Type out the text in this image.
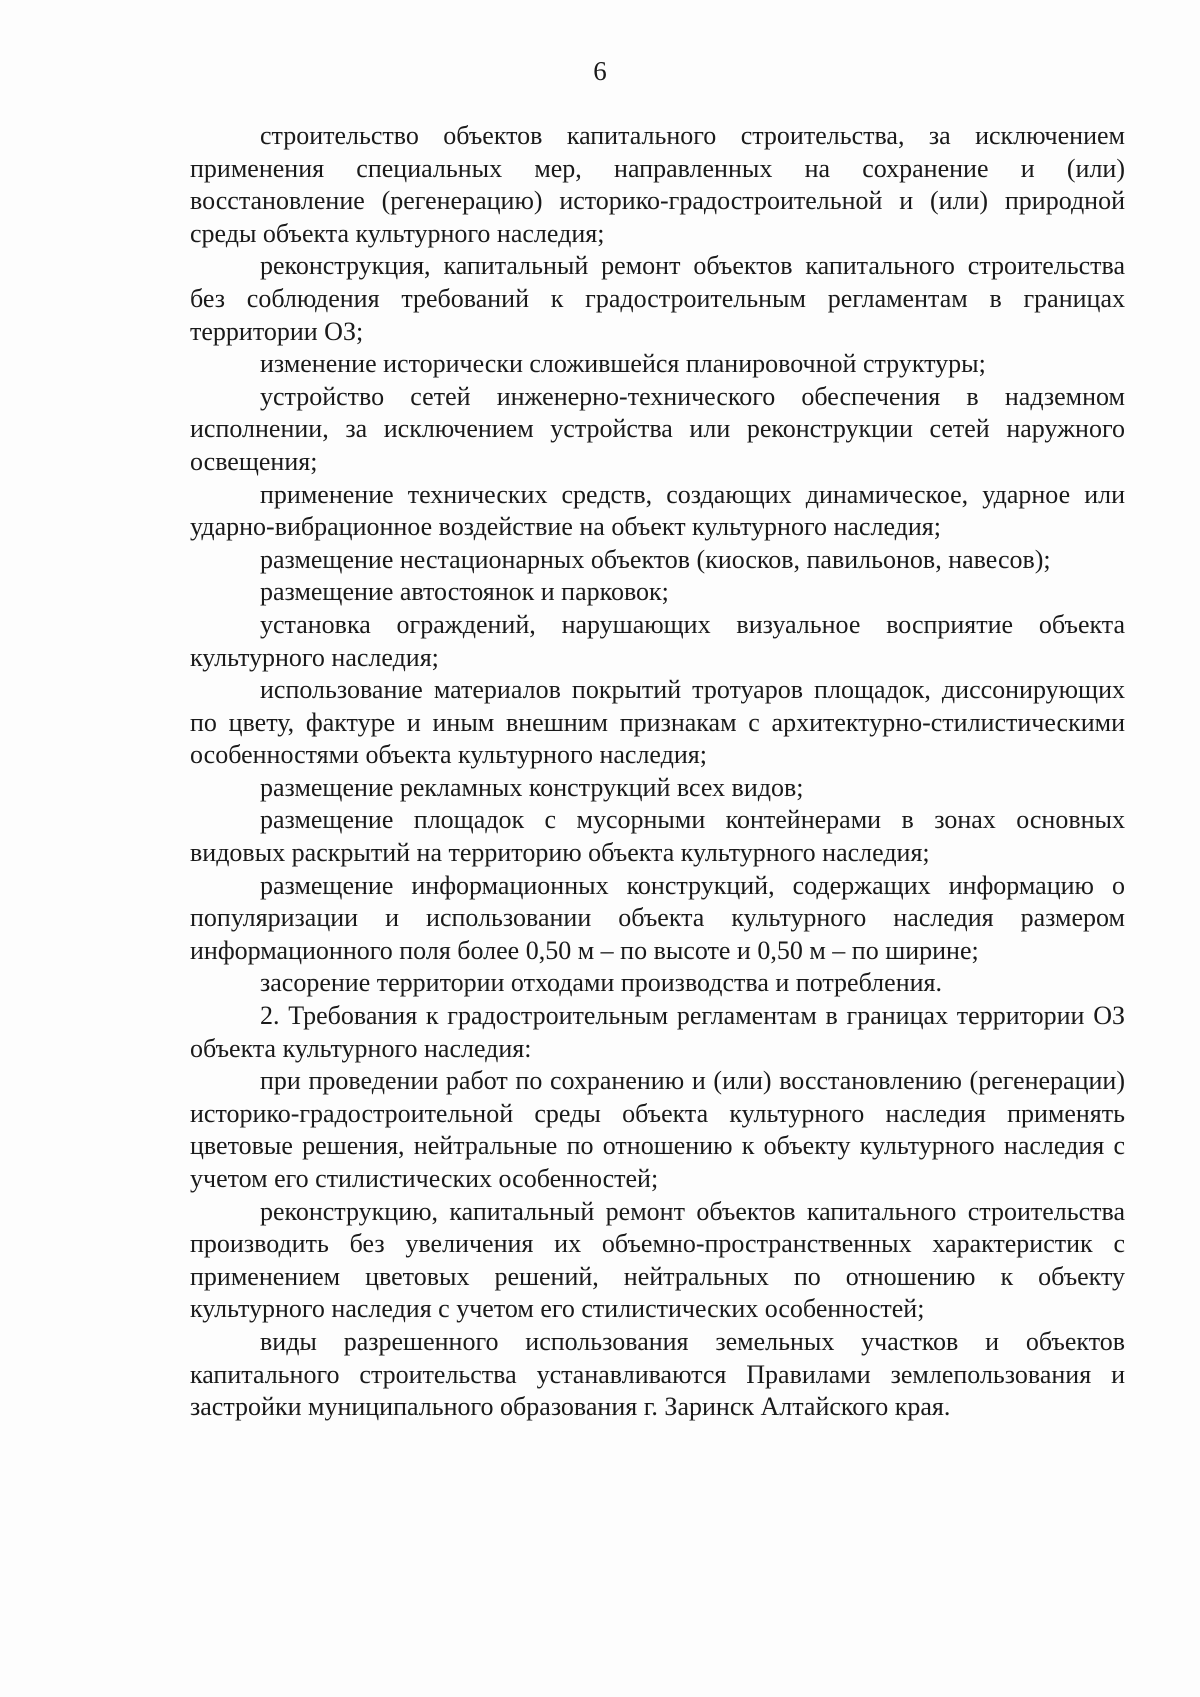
6

строительство объектов капитального строительства, за исключением применения специальных мер, направленных на сохранение и (или) восстановление (регенерацию) историко-градостроительной и (или) природной среды объекта культурного наследия;

реконструкция, капитальный ремонт объектов капитального строительства без соблюдения требований к градостроительным регламентам в границах территории ОЗ;

изменение исторически сложившейся планировочной структуры;

устройство сетей инженерно-технического обеспечения в надземном исполнении, за исключением устройства или реконструкции сетей наружного освещения;

применение технических средств, создающих динамическое, ударное или ударно-вибрационное воздействие на объект культурного наследия;

размещение нестационарных объектов (киосков, павильонов, навесов);

размещение автостоянок и парковок;

установка ограждений, нарушающих визуальное восприятие объекта культурного наследия;

использование материалов покрытий тротуаров площадок, диссонирующих по цвету, фактуре и иным внешним признакам с архитектурно-стилистическими особенностями объекта культурного наследия;

размещение рекламных конструкций всех видов;

размещение площадок с мусорными контейнерами в зонах основных видовых раскрытий на территорию объекта культурного наследия;

размещение информационных конструкций, содержащих информацию о популяризации и использовании объекта культурного наследия размером информационного поля более 0,50 м – по высоте и 0,50 м – по ширине;

засорение территории отходами производства и потребления.

2. Требования к градостроительным регламентам в границах территории ОЗ объекта культурного наследия:

при проведении работ по сохранению и (или) восстановлению (регенерации) историко-градостроительной среды объекта культурного наследия применять цветовые решения, нейтральные по отношению к объекту культурного наследия с учетом его стилистических особенностей;

реконструкцию, капитальный ремонт объектов капитального строительства производить без увеличения их объемно-пространственных характеристик с применением цветовых решений, нейтральных по отношению к объекту культурного наследия с учетом его стилистических особенностей;

виды разрешенного использования земельных участков и объектов капитального строительства устанавливаются Правилами землепользования и застройки муниципального образования г. Заринск Алтайского края.
